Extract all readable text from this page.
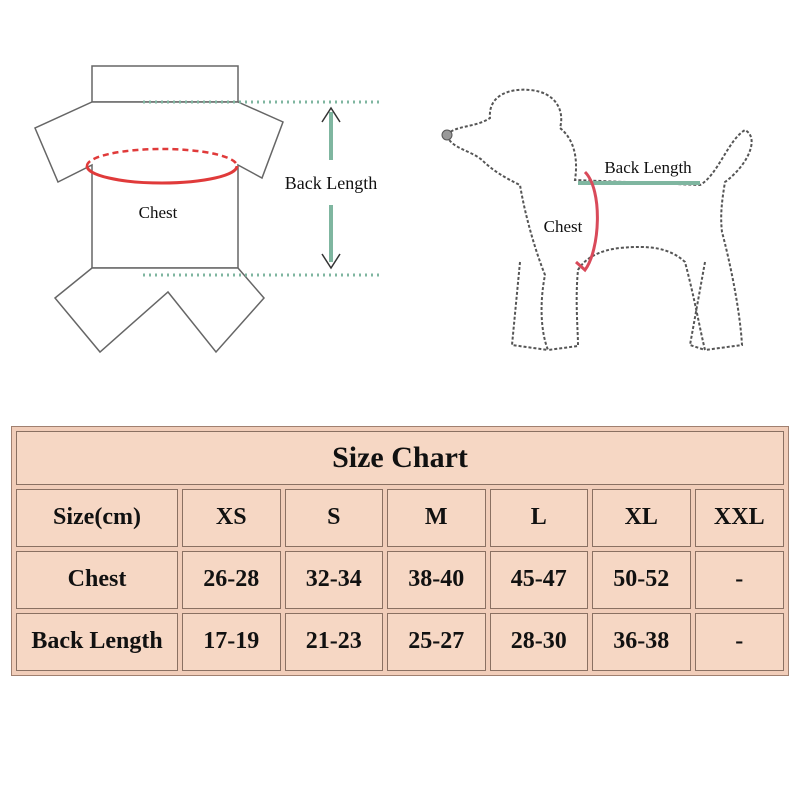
Chest
Back Length
Back Length
Chest
Size Chart						
Size(cm)	XS	S	M	L	XL	XXL
Chest	26-28	32-34	38-40	45-47	50-52	-
Back Length	17-19	21-23	25-27	28-30	36-38	-
